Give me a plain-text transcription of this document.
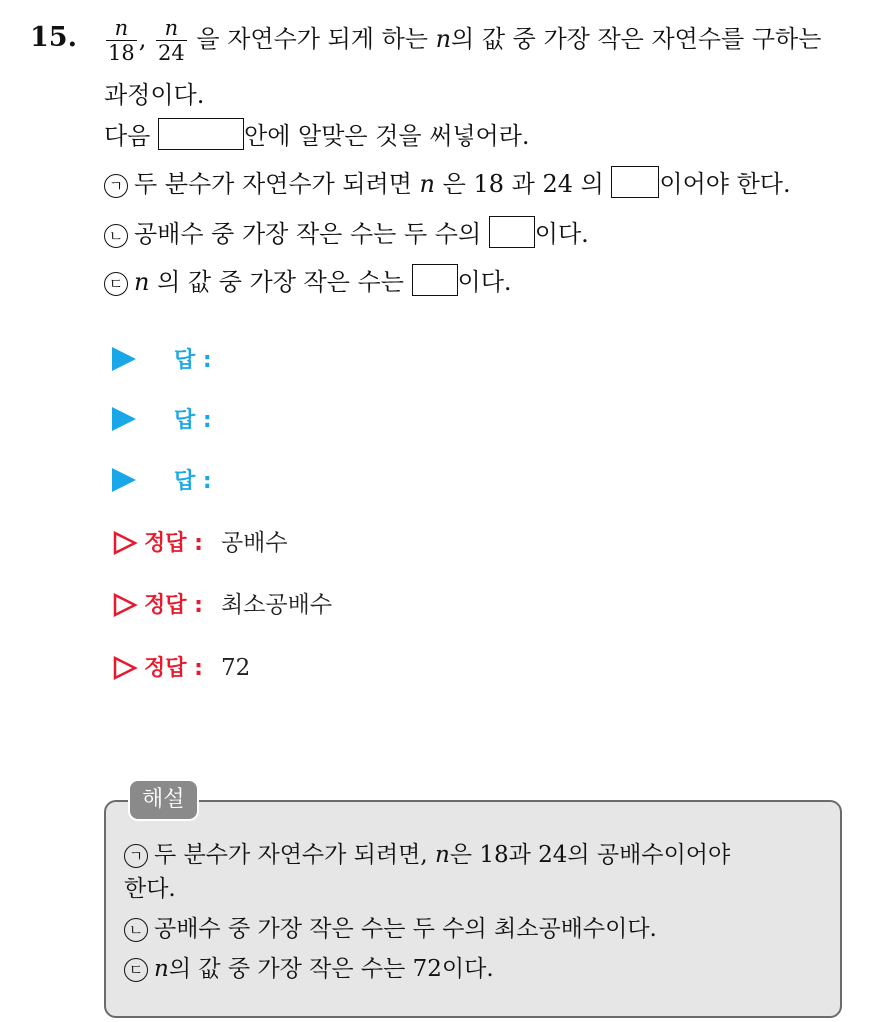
15. $\frac{n}{18}$ , $\frac{n}{24}$ 을 자연수가 되게 하는 n의 값 중 가장 작은 자연수를 구하는
과정이다.
다음	안에 알맞은 것을 써넣어라.
ㄱ 두 분수가 자연수가 되려면 n 은 18 과 24 의 이어야 한다.
ㄴ 공배수 중 가장 작은 수는 두 수의 이다.
ㄷ n 의 값 중 가장 작은 수는 이다.
답 :
답 :
답 :
정답 : 공배수
정답 : 최소공배수
정답 : 72
해설
ㄱ 두 분수가 자연수가 되려면, n은 18과 24의 공배수이어야
한다.
ㄴ 공배수 중 가장 작은 수는 두 수의 최소공배수이다.
ㄷ n의 값 중 가장 작은 수는 72이다.
